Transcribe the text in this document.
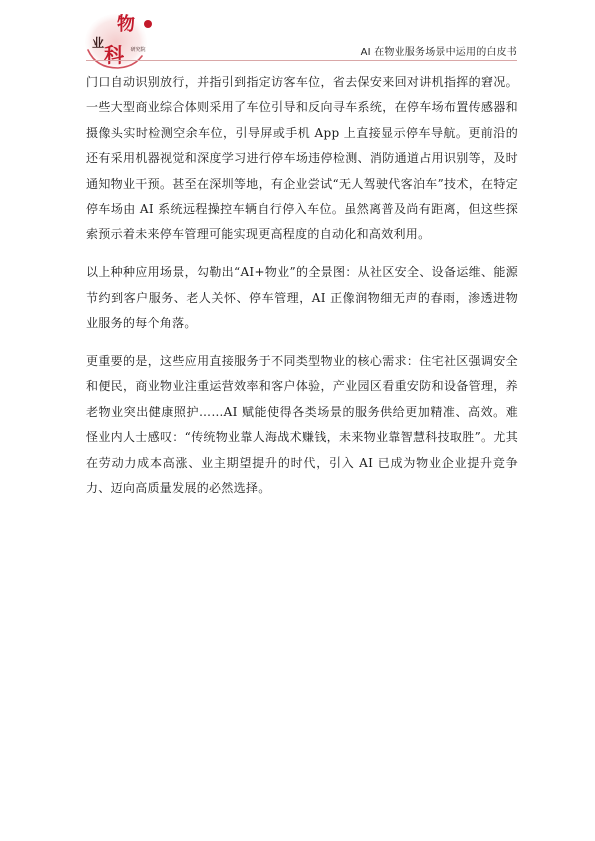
物
业 科 研究院	AI 在物业服务场景中运用的白皮书

门口自动识别放行，并指引到指定访客车位，省去保安来回对讲机指挥的窘况。一些大型商业综合体则采用了车位引导和反向寻车系统，在停车场布置传感器和摄像头实时检测空余车位，引导屏或手机 App 上直接显示停车导航。更前沿的还有采用机器视觉和深度学习进行停车场违停检测、消防通道占用识别等，及时通知物业干预。甚至在深圳等地，有企业尝试“无人驾驶代客泊车”技术，在特定停车场由 AI 系统远程操控车辆自行停入车位。虽然离普及尚有距离，但这些探索预示着未来停车管理可能实现更高程度的自动化和高效利用。

以上种种应用场景，勾勒出“AI+物业”的全景图：从社区安全、设备运维、能源节约到客户服务、老人关怀、停车管理，AI 正像润物细无声的春雨，渗透进物业服务的每个角落。

更重要的是，这些应用直接服务于不同类型物业的核心需求：住宅社区强调安全和便民，商业物业注重运营效率和客户体验，产业园区看重安防和设备管理，养老物业突出健康照护……AI 赋能使得各类场景的服务供给更加精准、高效。难怪业内人士感叹：“传统物业靠人海战术赚钱，未来物业靠智慧科技取胜”。尤其在劳动力成本高涨、业主期望提升的时代，引入 AI 已成为物业企业提升竞争力、迈向高质量发展的必然选择。
